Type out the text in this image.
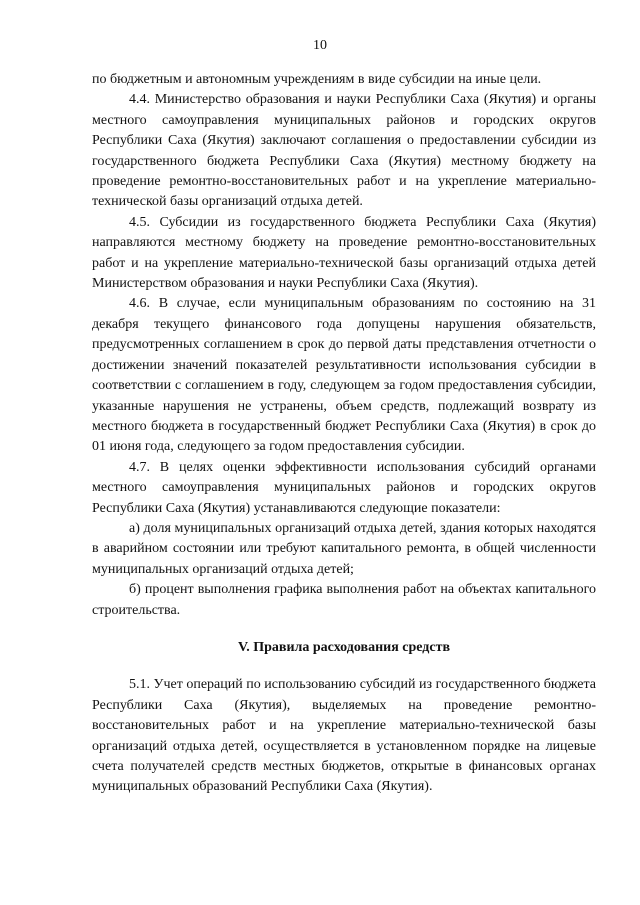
10

по бюджетным и автономным учреждениям в виде субсидии на иные цели.

4.4. Министерство образования и науки Республики Саха (Якутия) и органы местного самоуправления муниципальных районов и городских округов Республики Саха (Якутия) заключают соглашения о предоставлении субсидии из государственного бюджета Республики Саха (Якутия) местному бюджету на проведение ремонтно-восстановительных работ и на укрепление материально-технической базы организаций отдыха детей.

4.5. Субсидии из государственного бюджета Республики Саха (Якутия) направляются местному бюджету на проведение ремонтно-восстановительных работ и на укрепление материально-технической базы организаций отдыха детей Министерством образования и науки Республики Саха (Якутия).

4.6. В случае, если муниципальным образованиям по состоянию на 31 декабря текущего финансового года допущены нарушения обязательств, предусмотренных соглашением в срок до первой даты представления отчетности о достижении значений показателей результативности использования субсидии в соответствии с соглашением в году, следующем за годом предоставления субсидии, указанные нарушения не устранены, объем средств, подлежащий возврату из местного бюджета в государственный бюджет Республики Саха (Якутия) в срок до 01 июня года, следующего за годом предоставления субсидии.

4.7. В целях оценки эффективности использования субсидий органами местного самоуправления муниципальных районов и городских округов Республики Саха (Якутия) устанавливаются следующие показатели:

а) доля муниципальных организаций отдыха детей, здания которых находятся в аварийном состоянии или требуют капитального ремонта, в общей численности муниципальных организаций отдыха детей;

б) процент выполнения графика выполнения работ на объектах капитального строительства.

V. Правила расходования средств

5.1. Учет операций по использованию субсидий из государственного бюджета Республики Саха (Якутия), выделяемых на проведение ремонтно-восстановительных работ и на укрепление материально-технической базы организаций отдыха детей, осуществляется в установленном порядке на лицевые счета получателей средств местных бюджетов, открытые в финансовых органах муниципальных образований Республики Саха (Якутия).
